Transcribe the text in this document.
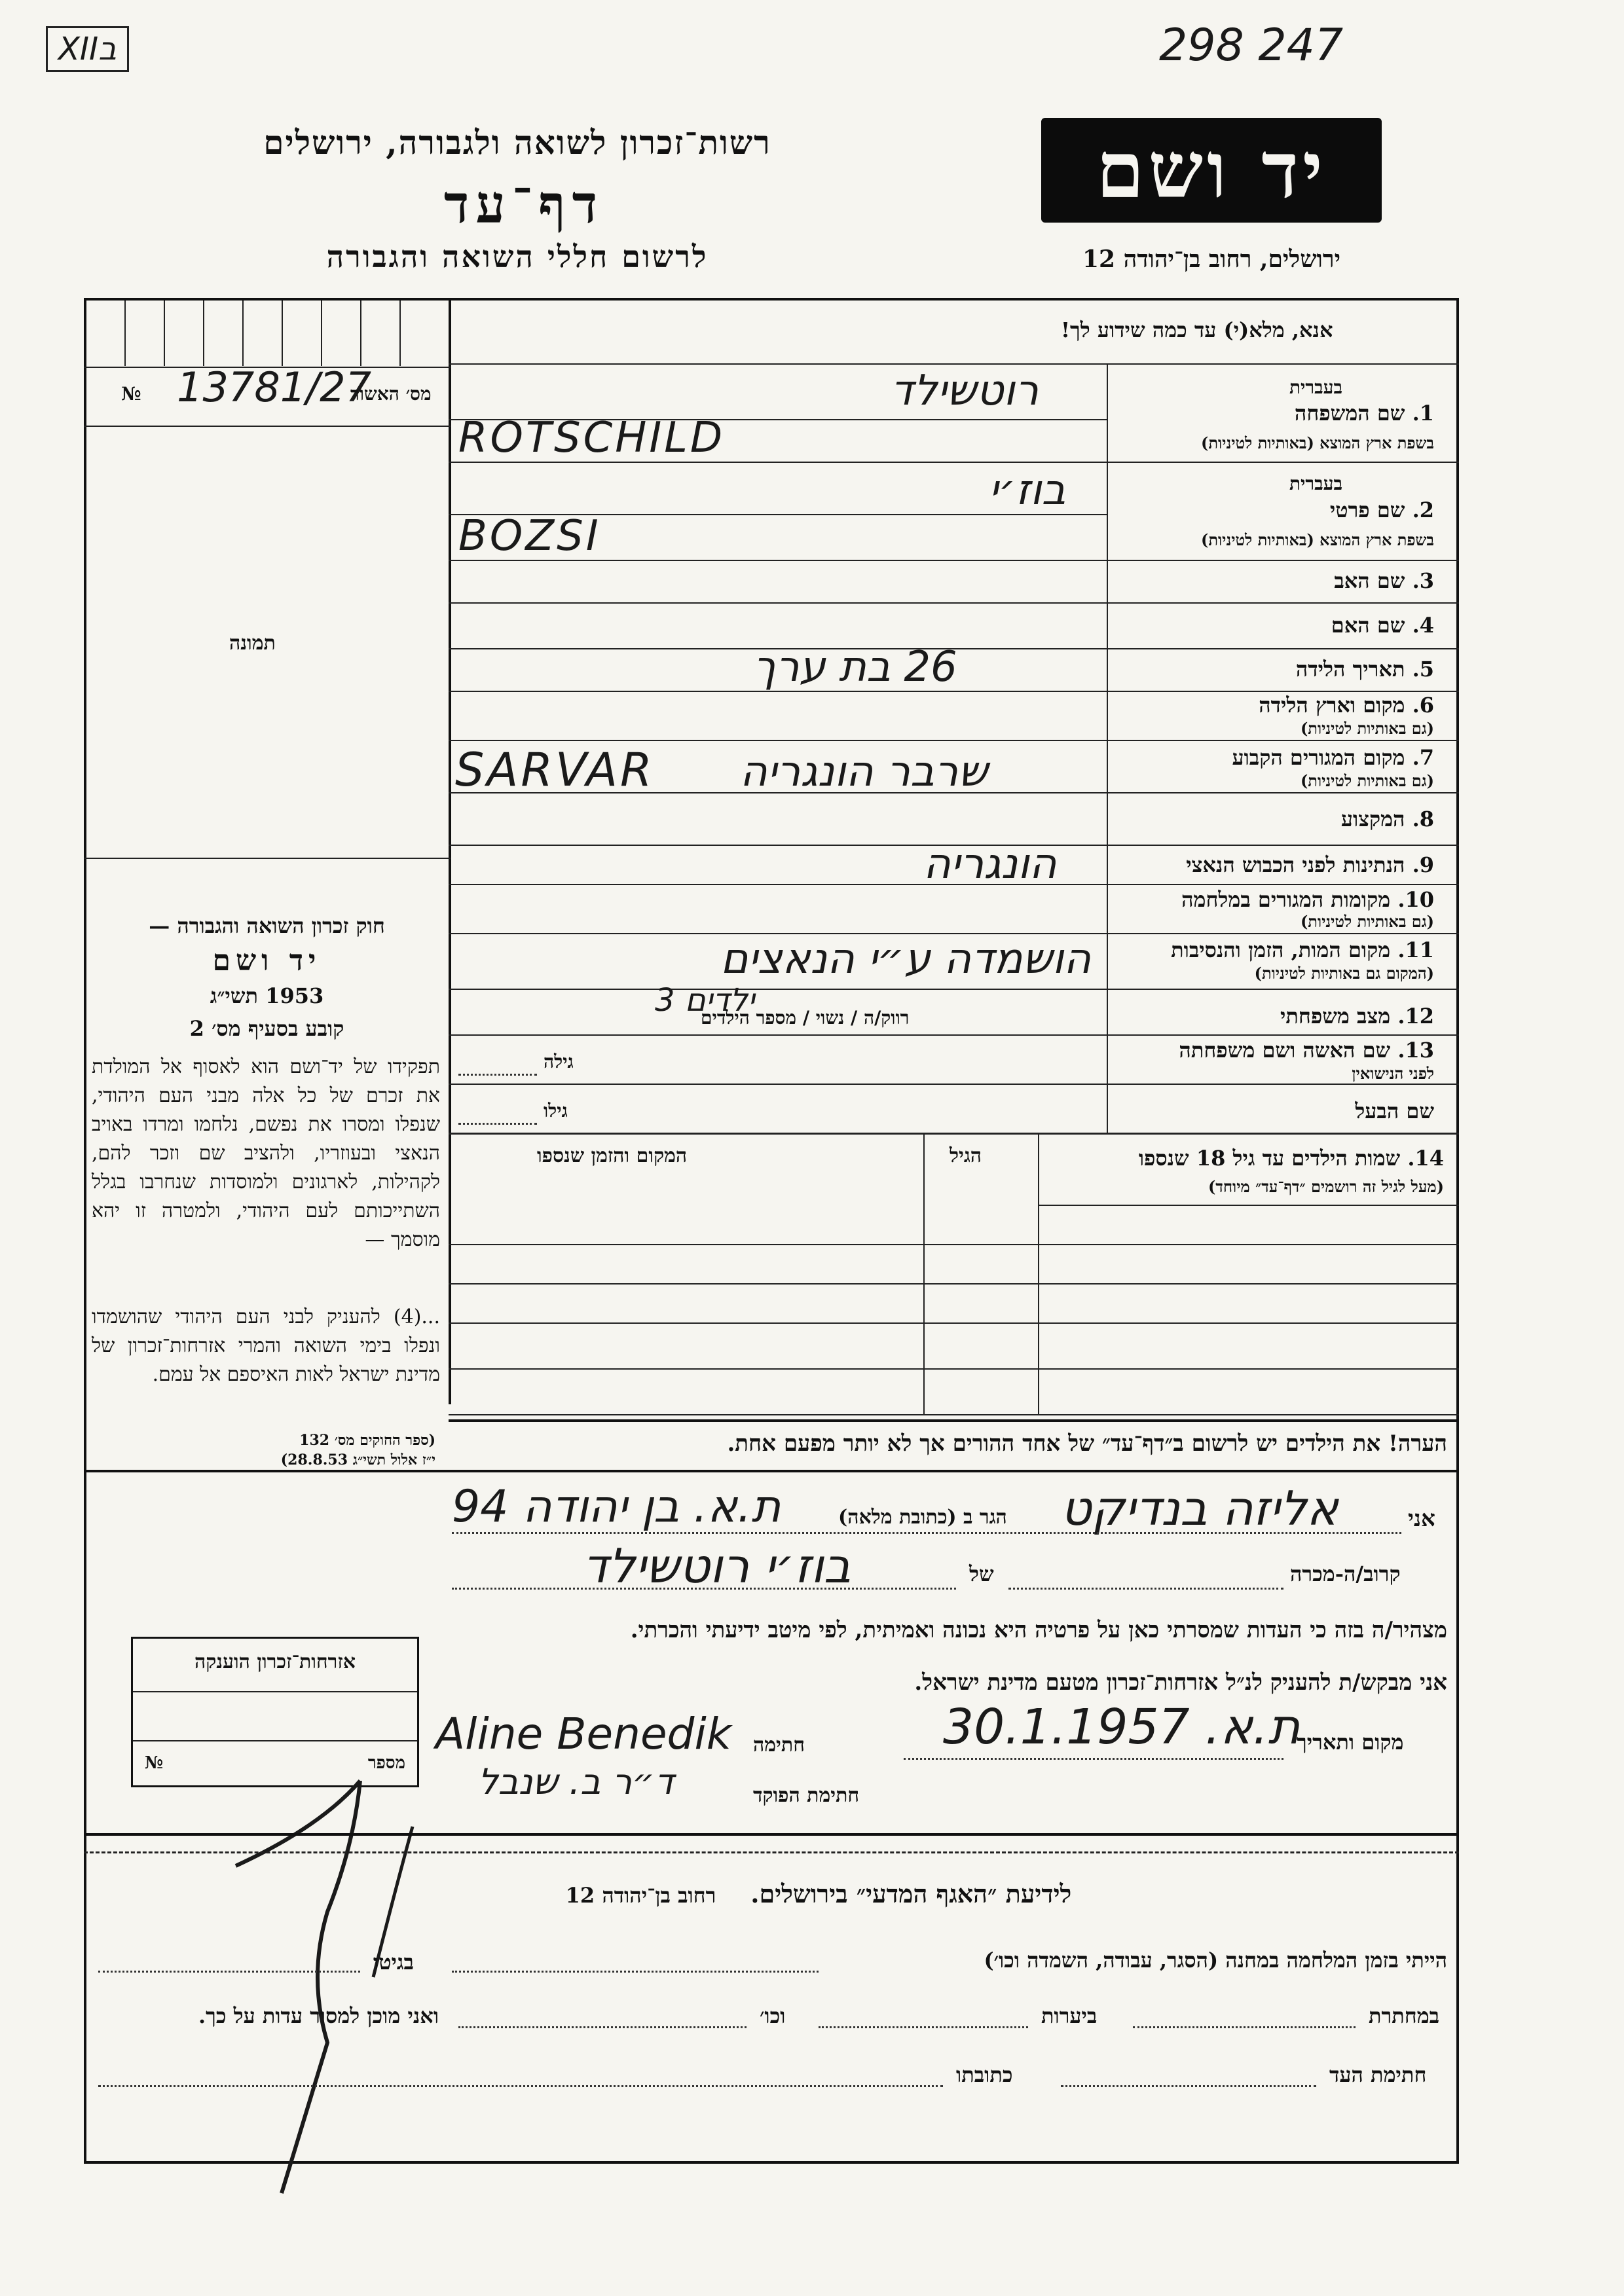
XIIב	298 247
רשות־זכרון לשואה ולגבורה, ירושלים
דף־עד
לרשום חללי השואה והגבורה
יד ושם
ירושלים, רחוב בן־יהודה 12
13781/27
מס׳ האשור
№
תמונה
חוק זכרון השואה והגבורה —
יד ושם
1953 תשי״ג
קובע בסעיף מס׳ 2
תפקידו של יד־ושם הוא לאסוף אל המולדת את זכרם של כל אלה מבני העם היהודי, שנפלו ומסרו את נפשם, נלחמו ומרדו באויב הנאצי ובעוזריו, ולהציב שם וזכר להם, לקהילות, לארגונים ולמוסדות שנחרבו בגלל השתייכותם לעם היהודי, ולמטרה זו יהא מוסמך —
...(4) להעניק לבני העם היהודי שהושמדו ונפלו בימי השואה והמרי אזרחות־זכרון של מדינת ישראל לאות האיספם אל עמם.
(ספר החוקים מס׳ 132
י״ז אלול תשי״ג 28.8.53)
אנא, מלא(י) עד כמה שידוע לך!
1. שם המשפחה
בעברית
בשפת ארץ המוצא (באותיות לטיניות)
רוטשילד
ROTSCHILD
2. שם פרטי
בעברית
בשפת ארץ המוצא (באותיות לטיניות)
בוז׳י
BOZSI
3. שם האב
4. שם האם
5. תאריך הלידה
26 בת ערך
6. מקום וארץ הלידה
(גם באותיות לטיניות)
7. מקום המגורים הקבוע
(גם באותיות לטיניות)
SARVAR שרבר הונגריה
8. המקצוע
9. הנתינות לפני הכבוש הנאצי
הונגריה
10. מקומות המגורים במלחמה
(גם באותיות לטיניות)
11. מקום המות, הזמן והנסיבות
(המקום גם באותיות לטיניות)
הושמדה ע״י הנאצים
12. מצב משפחתי
רווק/ה / נשוי / מספר הילדים
ילדים 3
13. שם האשה ושם משפחתה
לפני הנישואין
גילה
שם הבעל
גילו
14. שמות הילדים עד גיל 18 שנספו
(מעל לגיל זה רושמים ״דף־עד״ מיוחד)
הגיל
המקום והזמן שנספו
הערה! את הילדים יש לרשום ב״דף־עד״ של אחד ההורים אך לא יותר מפעם אחת.
אני
אליזה בנדיקט
הגר ב (כתובת מלאה)
ת.א. בן יהודה 94
קרוב/ה-מכרה
של
בוז׳י רוטשילד
מצהיר/ה בזה כי העדות שמסרתי כאן על פרטיה היא נכונה ואמיתית, לפי מיטב ידיעתי והכרתי.
אני מבקש/ת להעניק לנ״ל אזרחות־זכרון מטעם מדינת ישראל.
מקום ותאריך
ת.א. 30.1.1957
חתימה
Aline Benedik
חתימת הפוקד
ד״ר ב. שנבל
אזרחות־זכרון הוענקה
מספר
№
לידיעת ״האגף המדעי״ בירושלים.    רחוב בן־יהודה 12
הייתי בזמן המלחמה במחנה (הסגר, עבודה, השמדה וכו׳)
בגיטו
במחתרת
ביערות
וכו׳
ואני מוכן למסור עדות על כך.
חתימת העד
כתובתו
